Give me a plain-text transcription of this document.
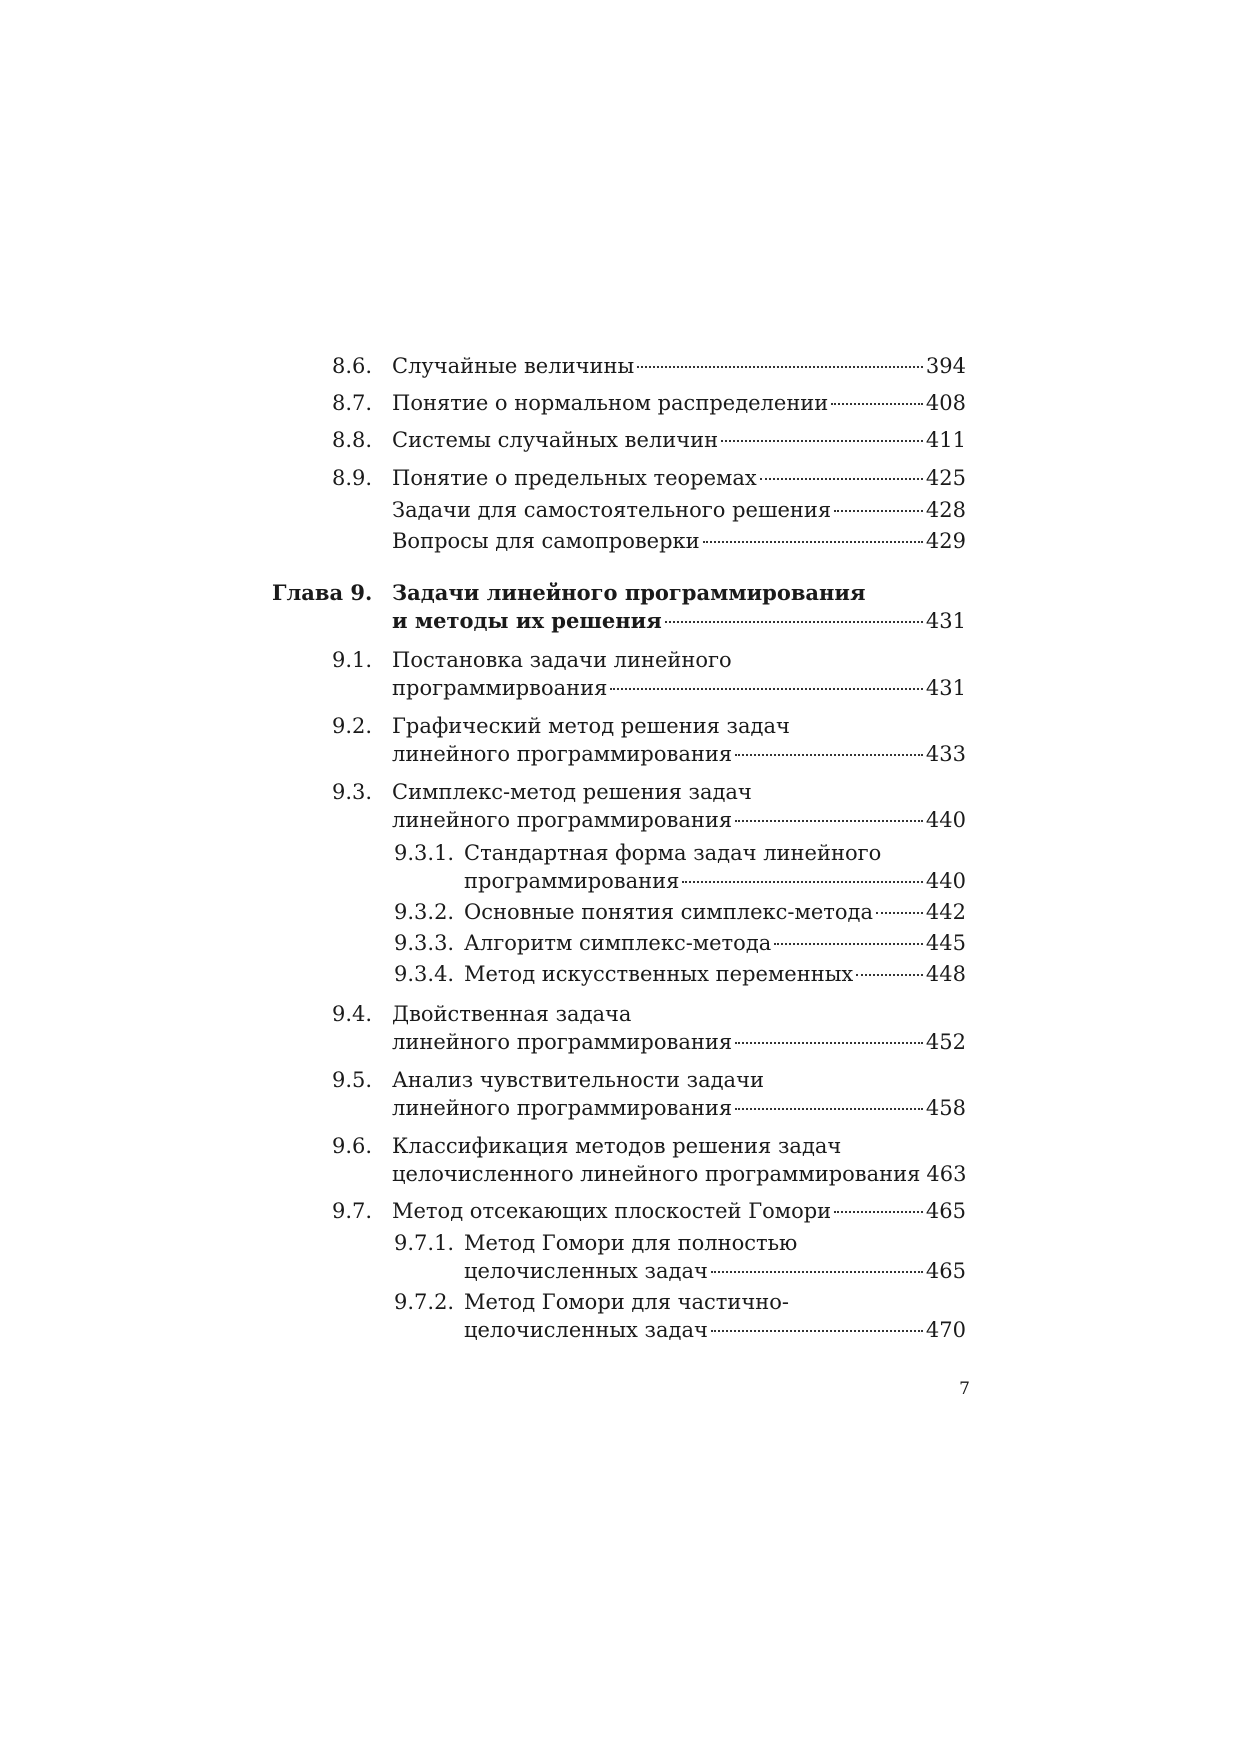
8.6. Случайные величины	394
8.7. Понятие о нормальном распределении	408
8.8. Системы случайных величин	411
8.9. Понятие о предельных теоремах	425
Задачи для самостоятельного решения	428
Вопросы для самопроверки	429
Глава 9. Задачи линейного программирования
и методы их решения	431
9.1. Постановка задачи линейного
программирвоания	431
9.2. Графический метод решения задач
линейного программирования	433
9.3. Симплекс-метод решения задач
линейного программирования	440
9.3.1. Стандартная форма задач линейного
программирования	440
9.3.2. Основные понятия симплекс-метода	442
9.3.3. Алгоритм симплекс-метода	445
9.3.4. Метод искусственных переменных	448
9.4. Двойственная задача
линейного программирования	452
9.5. Анализ чувствительности задачи
линейного программирования	458
9.6. Классификация методов решения задач
целочисленного линейного программирования 463
9.7. Метод отсекающих плоскостей Гомори	465
9.7.1. Метод Гомори для полностью
целочисленных задач	465
9.7.2. Метод Гомори для частично-
целочисленных задач	470
7
